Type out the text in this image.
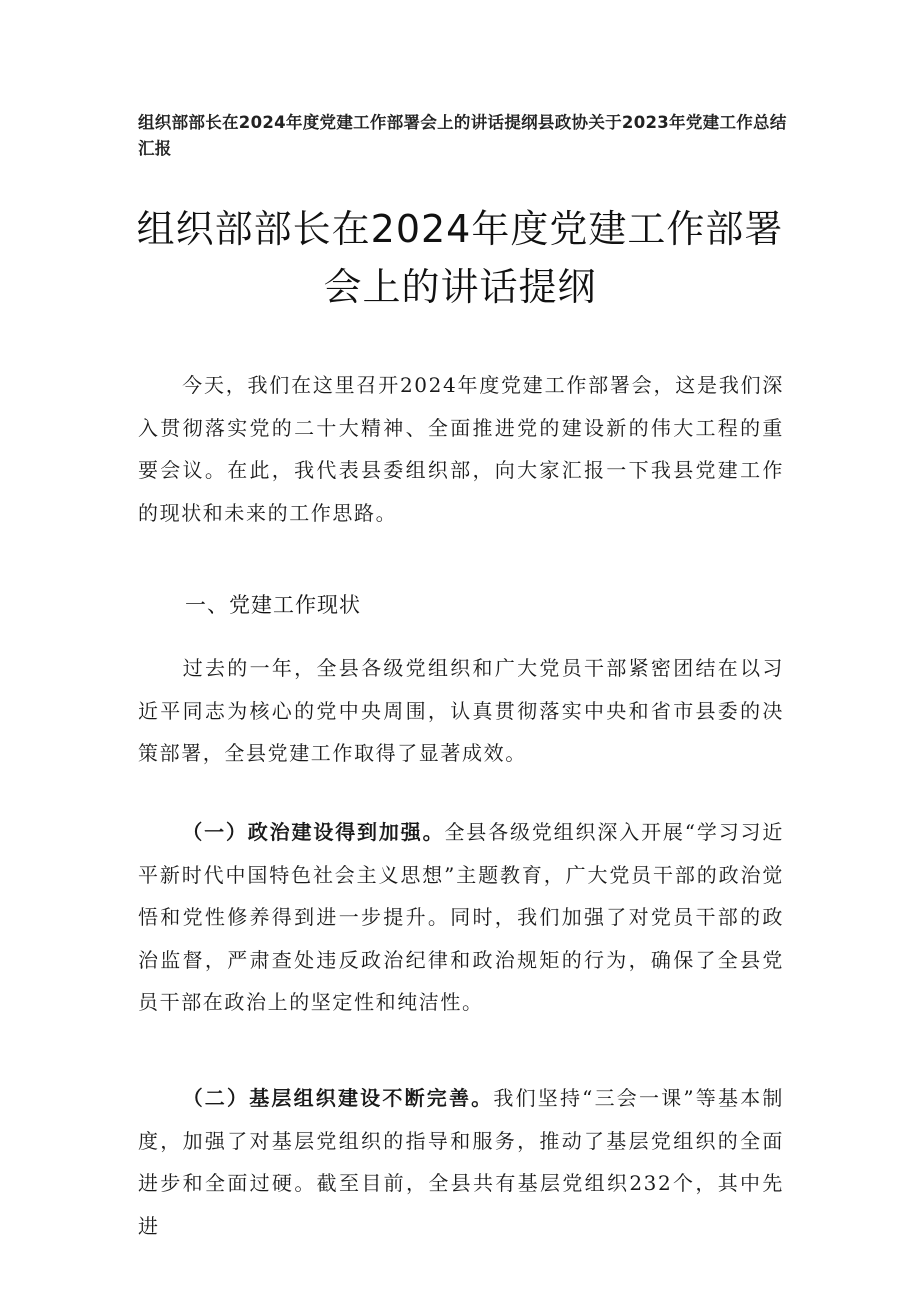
组织部部长在2024年度党建工作部署会上的讲话提纲县政协关于2023年党建工作总结汇报
组织部部长在2024年度党建工作部署会上的讲话提纲
今天，我们在这里召开2024年度党建工作部署会，这是我们深入贯彻落实党的二十大精神、全面推进党的建设新的伟大工程的重要会议。在此，我代表县委组织部，向大家汇报一下我县党建工作的现状和未来的工作思路。
一、党建工作现状
过去的一年，全县各级党组织和广大党员干部紧密团结在以习近平同志为核心的党中央周围，认真贯彻落实中央和省市县委的决策部署，全县党建工作取得了显著成效。
（一）政治建设得到加强。全县各级党组织深入开展“学习习近平新时代中国特色社会主义思想”主题教育，广大党员干部的政治觉悟和党性修养得到进一步提升。同时，我们加强了对党员干部的政治监督，严肃查处违反政治纪律和政治规矩的行为，确保了全县党员干部在政治上的坚定性和纯洁性。
（二）基层组织建设不断完善。我们坚持“三会一课”等基本制度，加强了对基层党组织的指导和服务，推动了基层党组织的全面进步和全面过硬。截至目前，全县共有基层党组织232个，其中先进
